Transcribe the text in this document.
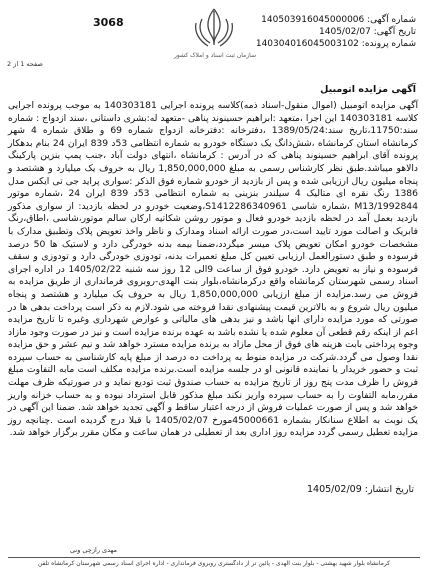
3068
سازمان ثبت اسناد و املاک کشور
شماره آگهی: 140503916045000006
تاریخ آگهی: 1405/02/07
شماره پرونده: 140304016045003102
صفحه 1 از 2
آگهی مزایده اتومبیل
آگهی مزایده اتومبیل (اموال منقول-اسناد ذمه)کلاسه پرونده اجرایی 140303181 به موجب پرونده اجرایی کلاسه 140303181 این اجرا ،متعهد :ابراهیم حسینوند پناهی -متعهد له:بشری داستانی ،سند ازدواج : شماره سند:11750،تاریخ سند:1389/05/24 ،دفترخانه :دفترخانه ازدواج شماره 69 و طلاق شماره 4 شهر کرمانشاه استان کرمانشاه ،شش‌دانگ یک دستگاه خودرو به شماره انتظامی 53د 839 ایران 24 بنام بدهکار پرونده آقای ابراهیم حسینوند پناهی که در آدرس : کرمانشاه ،انتهای دولت آباد ،جنب پمپ بنزین پارکینگ دالاهو میباشد.طبق نظر کارشناس رسمی به مبلغ 1,850,000,000 ریال به حروف یک میلیارد و هشتصد و پنجاه میلیون ریال ارزیابی شده و پس از بازدید از خودرو شماره فوق الذکر :سواری پراید جی تی ایکس مدل 1386 رنگ نقره ای متالیک 4 سیلندر بنزینی به شماره انتظامی 53د 839 ایران 24 ،شماره موتور M13/1992844 ،شماره شاسی S1412286340961،وضعیت خودرو در لحظه بازدید: از سواری مذکور بازدید بعمل آمد در لحظه بازدید خودرو فعال و موتور روشن شکاتیه ارکان سالم موتور،شاسی ،اطاق،رنگ فابریک و اصالت مورد تایید است،در صورت ارائه اسناد ومدارک و ناظر واخذ تعویض پلاک وتطبیق مدارک با مشخصات خودرو امکان تعویض پلاک میسر میگردد،ضمنا بیمه بدنه خودرگی دارد و لاستیک ها 50 درصد فرسوده و طبق دستورالعمل ارزیابی تعیین کل مبلغ تعمیرات بدنه، تودوزی خودرگی دارد و تودوزی و سقف فرسوده و نیاز به تعویض دارد. خودرو فوق از ساعت 9الی 12 روز سه شنبه 1405/02/22 در اداره اجرای اسناد رسمی شهرستان کرمانشاه واقع درکرمانشاه،بلوار بنت الهدی-روبروی فرمانداری از طریق مزایده به فروش می رسد.مزایده از مبلغ ارزیابی 1,850,000,000 ریال به حروف یک میلیارد و هشتصد و پنجاه میلیون ریال شروع و به بالاترین قیمت پیشنهادی نقدا فروخته می شود.لازم به ذکر است پرداخت بدهی ها در صورتی که مورد مزایده دارای انها باشد و نیز بدهی های مالیاتی و عوارض شهرداری وغیره تا تاریخ مزایده اعم از اینکه رقم قطعی آن معلوم شده یا نشده باشد به عهده برنده مزایده است و نیز در صورت وجود مازاد وجوه پرداختی بابت هزینه های فوق از محل مازاد به برنده مزایده مسترد خواهد شد و نیم عشر و حق مزایده نقدا وصول می گردد.شرکت در مزایده منوط به پرداخت ده درصد از مبلغ پایه کارشناسی به حساب سپرده ثبت و حضور خریدار یا نماینده قانونی او در جلسه مزایده است.برنده مزایده مکلف است مابه التفاوت مبلغ فروش را ظرف مدت پنج روز از تاریخ مزایده به حساب صندوق ثبت تودیع نماید و در صورتیکه ظرف مهلت مقرر،مابه التفاوت را به حساب سپرده واریز نکند مبلغ مذکور قابل استرداد نبوده و به حساب خزانه واریز خواهد شد و پس از صورت عملیات فروش از درجه اعتبار ساقط و آگهی تجدید خواهد شد. ضمنا این آگهی در یک نوبت به اطلاع سنانکار بشماره 45000661مورخ 1405/02/07 با قبلا درج گردیده است .چنانچه روز مزایده تعطیل رسمی گردد مزایده روز اداری بعد از تعطیلی در همان ساعت و مکان مقرر برگزار خواهد شد.
تاریخ انتشار: 1405/02/09
مهدی رازچی ونی
کرمانشاه بلوار شهید بهشتی - بلوار بنت الهدی - پائین تر از دادگستری روبروی فرمانداری - اداره اجرای اسناد رسمی شهرستان کرمانشاه تلفن
